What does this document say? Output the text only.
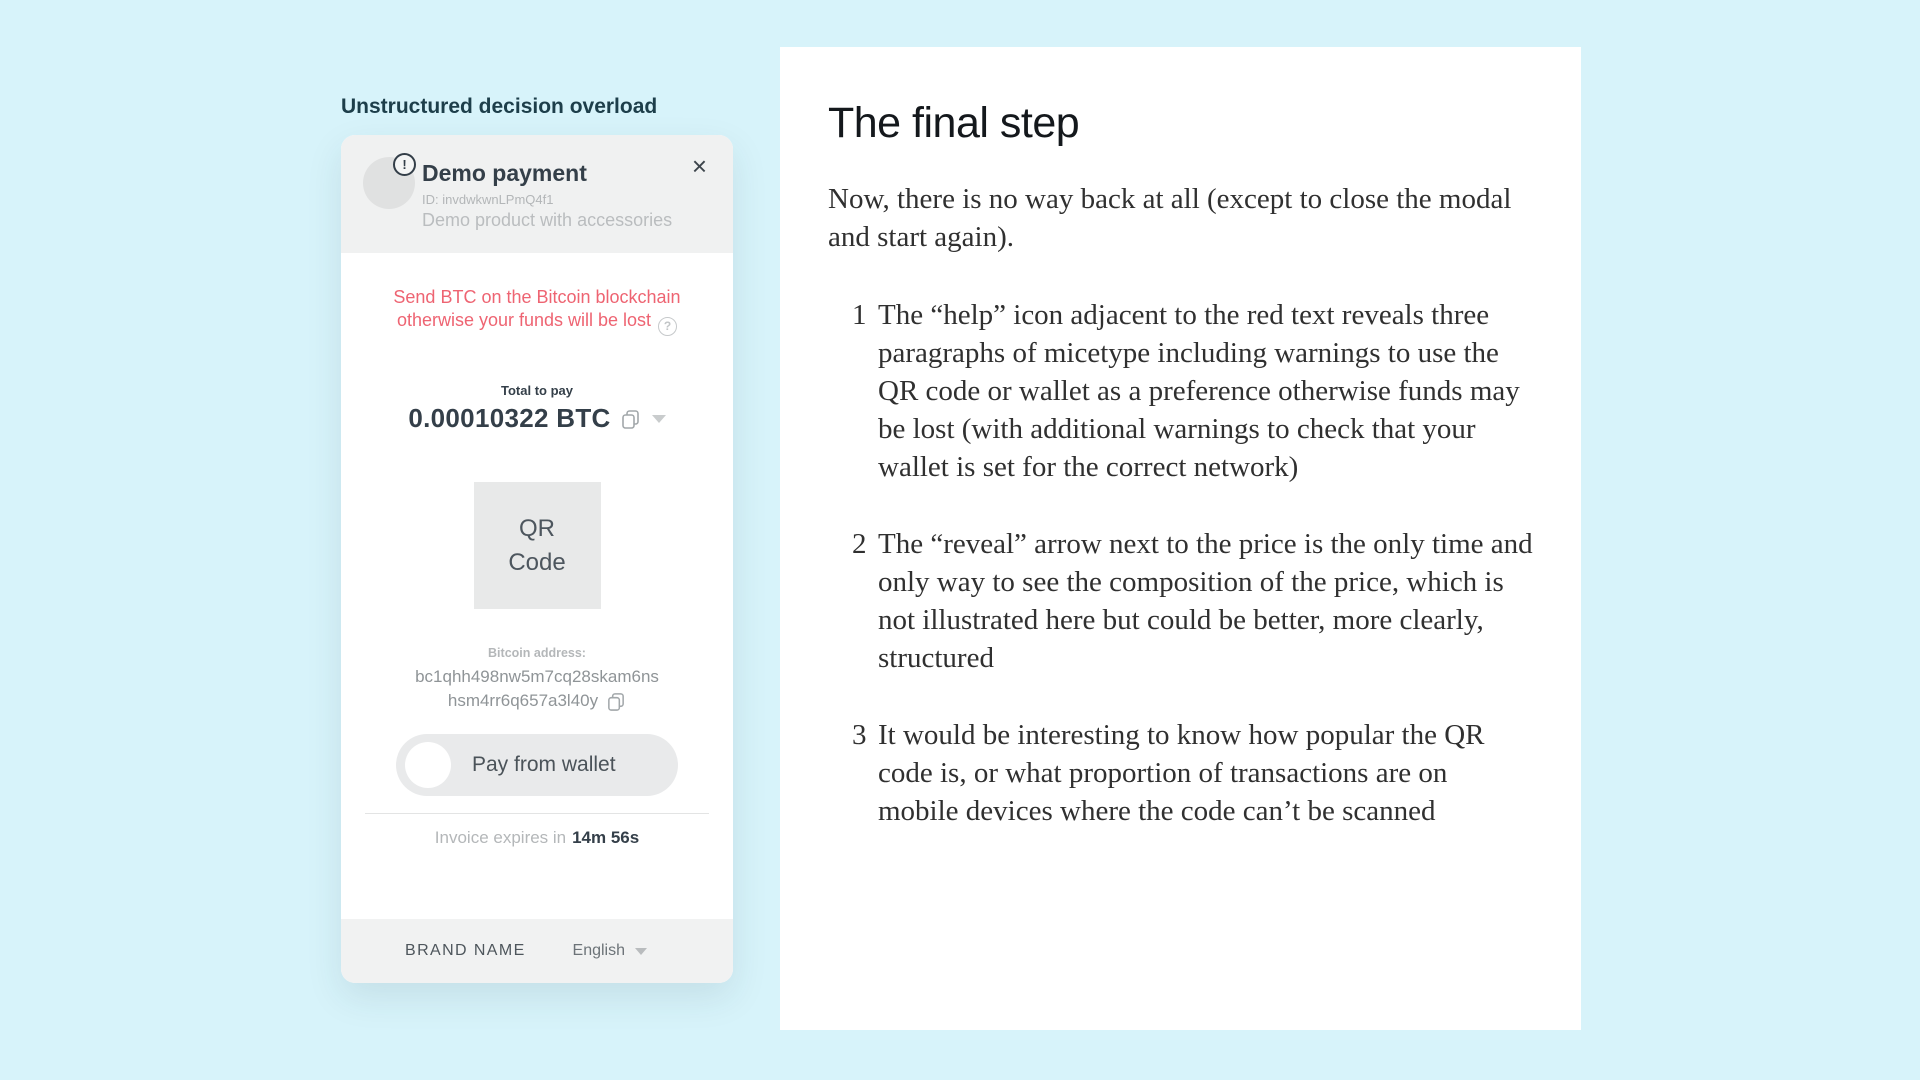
Unstructured decision overload
! Demo payment
ID: invdwkwnLPmQ4f1
Demo product with accessories
×
Send BTC on the Bitcoin blockchain
otherwise your funds will be lost ?
Total to pay
0.00010322 BTC
QR
Code
Bitcoin address:
bc1qhh498nw5m7cq28skam6ns

hsm4rr6q657a3l40y
Pay from wallet
Invoice expires in 14m 56s
BRAND NAME	English
The final step

Now, there is no way back at all (except to close the modal and start again).

1 The “help” icon adjacent to the red text reveals three paragraphs of micetype including warnings to use the QR code or wallet as a preference otherwise funds may be lost (with additional warnings to check that your wallet is set for the correct network)
2 The “reveal” arrow next to the price is the only time and only way to see the composition of the price, which is not illustrated here but could be better, more clearly, structured
3 It would be interesting to know how popular the QR code is, or what proportion of transactions are on mobile devices where the code can’t be scanned
